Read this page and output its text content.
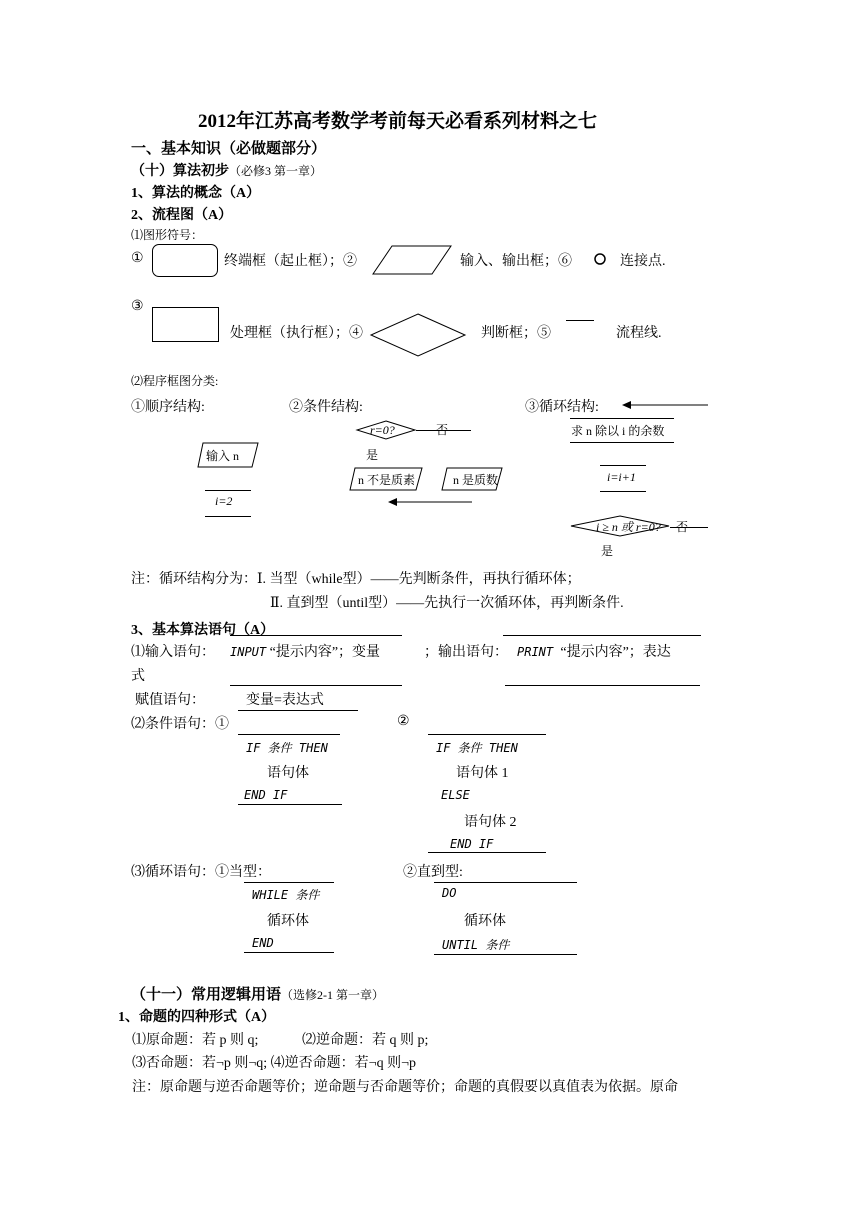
2012年江苏高考数学考前每天必看系列材料之七
一、基本知识（必做题部分）
（十）算法初步（必修3 第一章）
1、算法的概念（A）
2、流程图（A）
⑴图形符号：
①	终端框（起止框）；②	输入、输出框；⑥	连接点.
③
处理框（执行框）；④	判断框；⑤	流程线.
⑵程序框图分类:
①顺序结构:	②条件结构:	③循环结构:
输入 n
i=2
r=0?	否
是
n 不是质素	n 是质数
求 n 除以 i 的余数
i=i+1
i ≥ n 或 r=0? 否
是
注：循环结构分为：Ⅰ. 当型（while型）——先判断条件，再执行循环体；
Ⅱ. 直到型（until型）——先执行一次循环体，再判断条件.
3、基本算法语句（A）
⑴输入语句： INPUT “提示内容”；变量	；输出语句： PRINT “提示内容”；表达
式
赋值语句：	变量=表达式
⑵条件语句：①	②
IF 条件 THEN	IF 条件 THEN
语句体	语句体 1
END IF	ELSE
语句体 2
END IF
⑶循环语句：①当型：	②直到型:
WHILE 条件	DO
循环体	循环体
END	UNTIL 条件
（十一）常用逻辑用语（选修2-1 第一章）
1、命题的四种形式（A）
⑴原命题：若 p 则 q;	⑵逆命题：若 q 则 p;
⑶否命题：若¬p 则¬q; ⑷逆否命题：若¬q 则¬p
注：原命题与逆否命题等价；逆命题与否命题等价；命题的真假要以真值表为依据。原命
